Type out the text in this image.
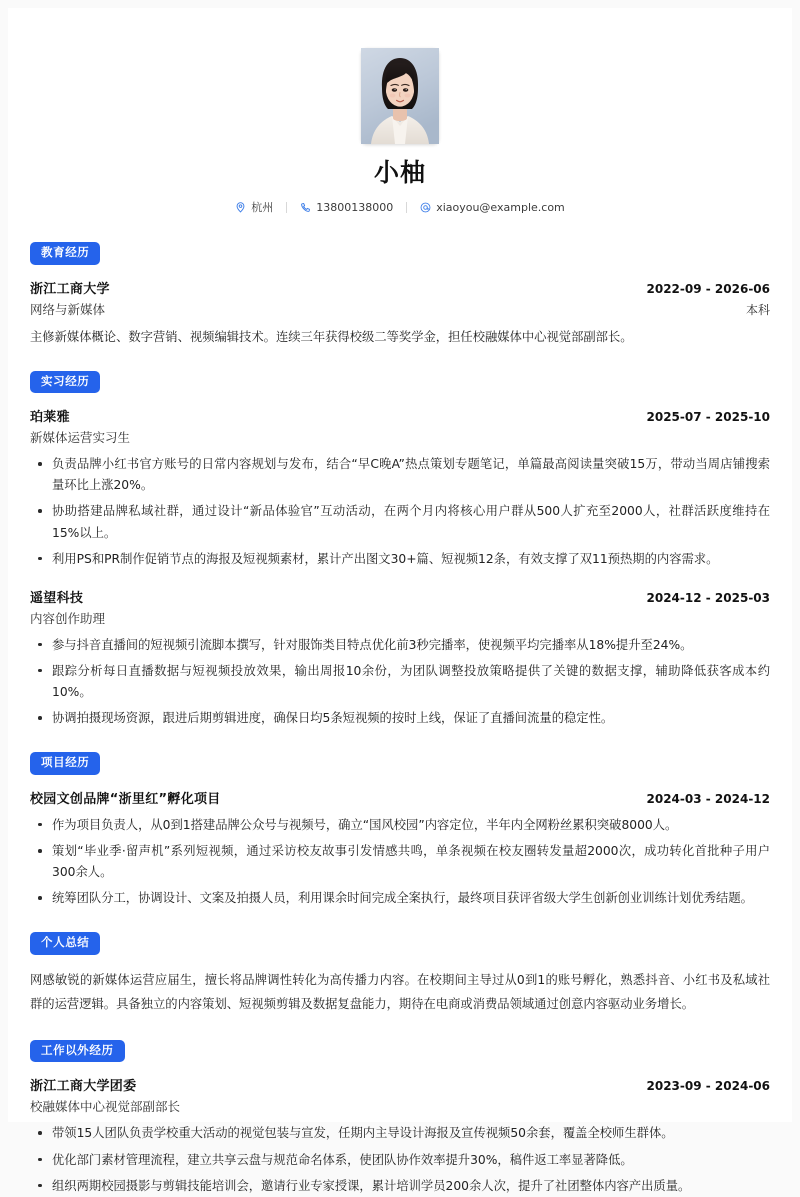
小柚
杭州	13800138000	xiaoyou@example.com
教育经历
浙江工商大学	2022-09 - 2026-06
网络与新媒体	本科
主修新媒体概论、数字营销、视频编辑技术。连续三年获得校级二等奖学金，担任校融媒体中心视觉部副部长。
实习经历
珀莱雅	2025-07 - 2025-10
新媒体运营实习生
负责品牌小红书官方账号的日常内容规划与发布，结合“早C晚A”热点策划专题笔记，单篇最高阅读量突破15万，带动当周店铺搜索量环比上涨20%。
协助搭建品牌私域社群，通过设计“新品体验官”互动活动，在两个月内将核心用户群从500人扩充至2000人，社群活跃度维持在15%以上。
利用PS和PR制作促销节点的海报及短视频素材，累计产出图文30+篇、短视频12条，有效支撑了双11预热期的内容需求。
遥望科技	2024-12 - 2025-03
内容创作助理
参与抖音直播间的短视频引流脚本撰写，针对服饰类目特点优化前3秒完播率，使视频平均完播率从18%提升至24%。
跟踪分析每日直播数据与短视频投放效果，输出周报10余份，为团队调整投放策略提供了关键的数据支撑，辅助降低获客成本约10%。
协调拍摄现场资源，跟进后期剪辑进度，确保日均5条短视频的按时上线，保证了直播间流量的稳定性。
项目经历
校园文创品牌“浙里红”孵化项目	2024-03 - 2024-12
作为项目负责人，从0到1搭建品牌公众号与视频号，确立“国风校园”内容定位，半年内全网粉丝累积突破8000人。
策划“毕业季·留声机”系列短视频，通过采访校友故事引发情感共鸣，单条视频在校友圈转发量超2000次，成功转化首批种子用户300余人。
统筹团队分工，协调设计、文案及拍摄人员，利用课余时间完成全案执行，最终项目获评省级大学生创新创业训练计划优秀结题。
个人总结
网感敏锐的新媒体运营应届生，擅长将品牌调性转化为高传播力内容。在校期间主导过从0到1的账号孵化，熟悉抖音、小红书及私域社群的运营逻辑。具备独立的内容策划、短视频剪辑及数据复盘能力，期待在电商或消费品领域通过创意内容驱动业务增长。
工作以外经历
浙江工商大学团委	2023-09 - 2024-06
校融媒体中心视觉部副部长
带领15人团队负责学校重大活动的视觉包装与宣发，任期内主导设计海报及宣传视频50余套，覆盖全校师生群体。
优化部门素材管理流程，建立共享云盘与规范命名体系，使团队协作效率提升30%，稿件返工率显著降低。
组织两期校园摄影与剪辑技能培训会，邀请行业专家授课，累计培训学员200余人次，提升了社团整体内容产出质量。
